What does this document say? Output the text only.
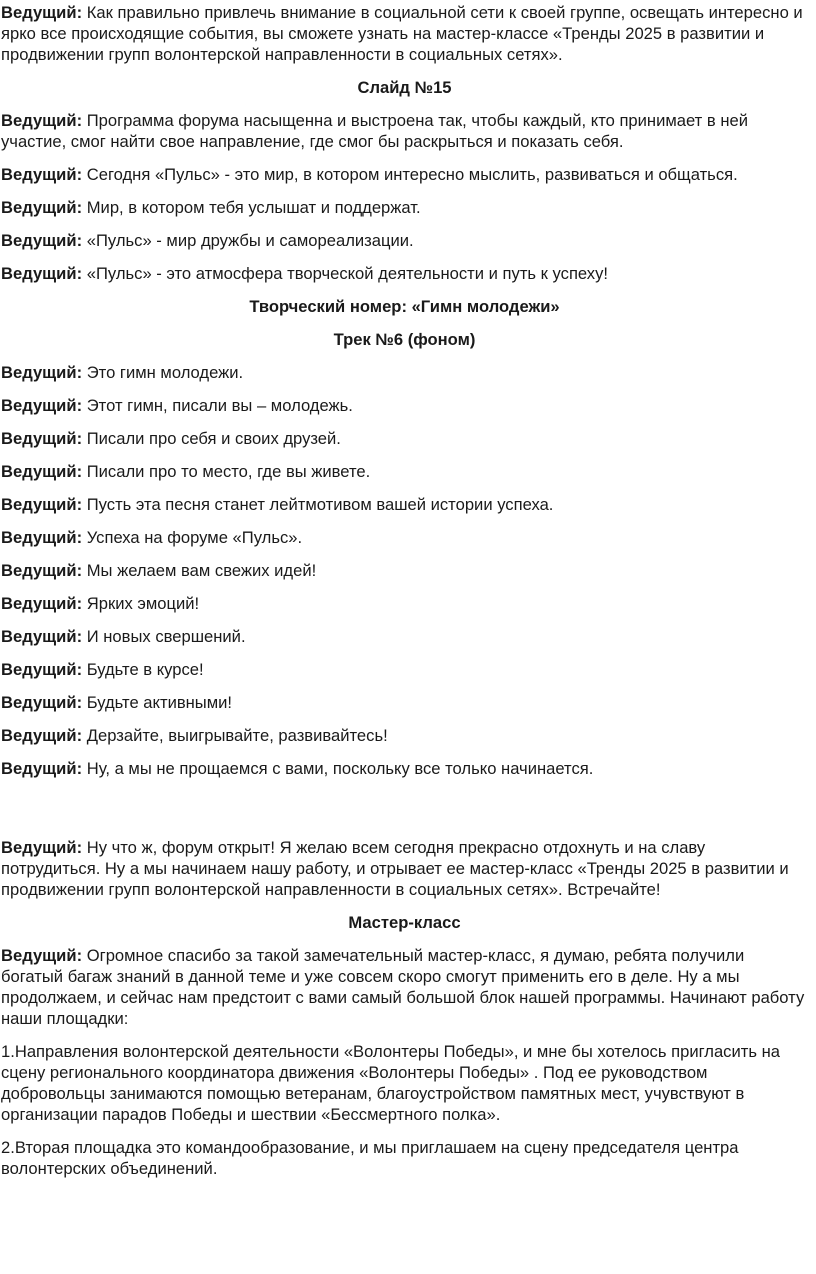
Ведущий: Как правильно привлечь внимание в социальной сети к своей группе, освещать интересно и ярко все происходящие события, вы сможете узнать на мастер-классе «Тренды 2025 в развитии и продвижении групп волонтерской направленности в социальных сетях».

Слайд №15

Ведущий: Программа форума насыщенна и выстроена так, чтобы каждый, кто принимает в ней участие, смог найти свое направление, где смог бы раскрыться и показать себя.

Ведущий: Сегодня «Пульс» - это мир, в котором интересно мыслить, развиваться и общаться.

Ведущий: Мир, в котором тебя услышат и поддержат.

Ведущий: «Пульс» - мир дружбы и самореализации.

Ведущий: «Пульс» - это атмосфера творческой деятельности и путь к успеху!

Творческий номер: «Гимн молодежи»

Трек №6 (фоном)

Ведущий: Это гимн молодежи.

Ведущий: Этот гимн, писали вы – молодежь.

Ведущий: Писали про себя и своих друзей.

Ведущий: Писали про то место, где вы живете.

Ведущий: Пусть эта песня станет лейтмотивом вашей истории успеха.

Ведущий: Успеха на форуме «Пульс».

Ведущий: Мы желаем вам свежих идей!

Ведущий: Ярких эмоций!

Ведущий: И новых свершений.

Ведущий: Будьте в курсе!

Ведущий: Будьте активными!

Ведущий: Дерзайте, выигрывайте, развивайтесь!

Ведущий: Ну, а мы не прощаемся с вами, поскольку все только начинается.

Ведущий: Ну что ж, форум открыт! Я желаю всем сегодня прекрасно отдохнуть и на славу потрудиться. Ну а мы начинаем нашу работу, и отрывает ее мастер-класс «Тренды 2025 в развитии и продвижении групп волонтерской направленности в социальных сетях». Встречайте!

Мастер-класс

Ведущий: Огромное спасибо за такой замечательный мастер-класс, я думаю, ребята получили богатый багаж знаний в данной теме и уже совсем скоро смогут применить его в деле. Ну а мы продолжаем, и сейчас нам предстоит с вами самый большой блок нашей программы. Начинают работу наши площадки:

1.Направления волонтерской деятельности «Волонтеры Победы», и мне бы хотелось пригласить на сцену регионального координатора движения «Волонтеры Победы» . Под ее руководством добровольцы занимаются помощью ветеранам, благоустройством памятных мест, учувствуют в организации парадов Победы и шествии «Бессмертного полка».

2.Вторая площадка это командообразование, и мы приглашаем на сцену председателя центра волонтерских объединений.
